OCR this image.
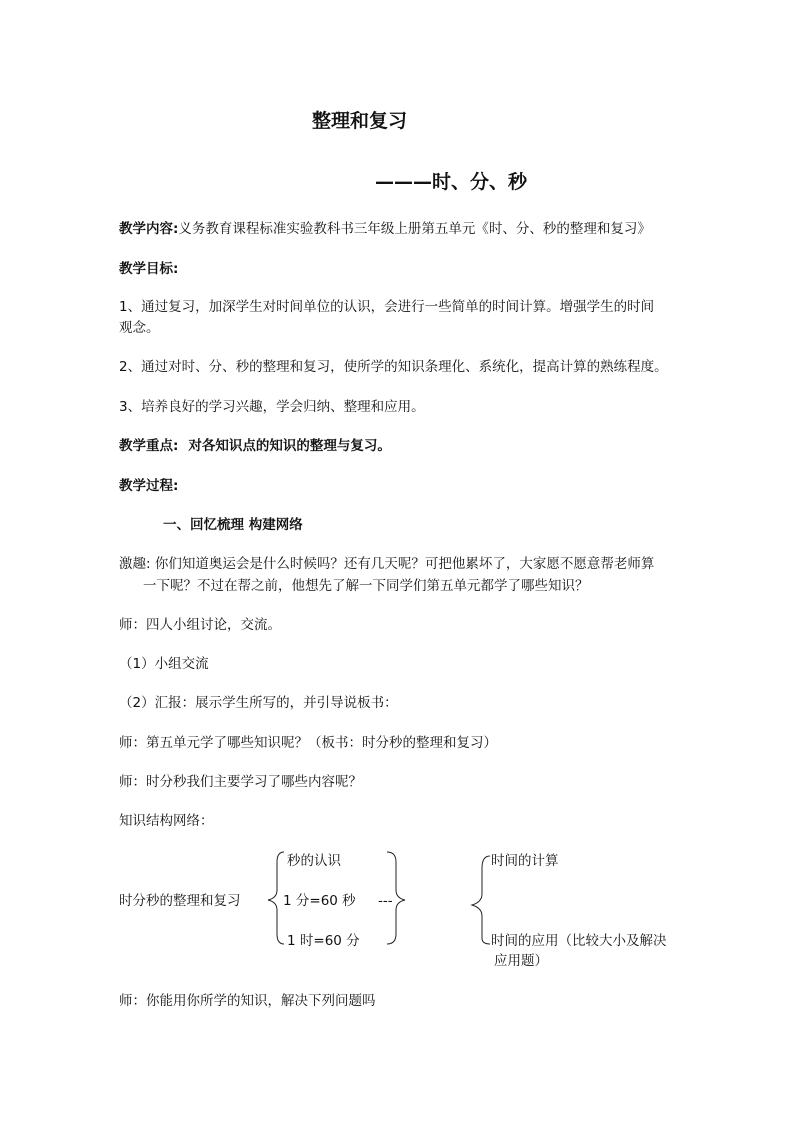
整理和复习
———时、分、秒
教学内容:义务教育课程标准实验教科书三年级上册第五单元《时、分、秒的整理和复习》
教学目标:
1、通过复习，加深学生对时间单位的认识，会进行一些简单的时间计算。增强学生的时间
观念。
2、通过对时、分、秒的整理和复习，使所学的知识条理化、系统化，提高计算的熟练程度。
3、培养良好的学习兴趣，学会归纳、整理和应用。
教学重点: 对各知识点的知识的整理与复习。
教学过程:
一、回忆梳理 构建网络
激趣: 你们知道奥运会是什么时候吗？还有几天呢？可把他累坏了，大家愿不愿意帮老师算
一下呢？不过在帮之前，他想先了解一下同学们第五单元都学了哪些知识？
师：四人小组讨论，交流。
（1）小组交流
（2）汇报：展示学生所写的，并引导说板书：
师：第五单元学了哪些知识呢？（板书：时分秒的整理和复习）
师：时分秒我们主要学习了哪些内容呢？
知识结构网络：
时分秒的整理和复习
秒的认识
1 分=60 秒
1 时=60 分
---
时间的计算
时间的应用（比较大小及解决
应用题）
师：你能用你所学的知识，解决下列问题吗
